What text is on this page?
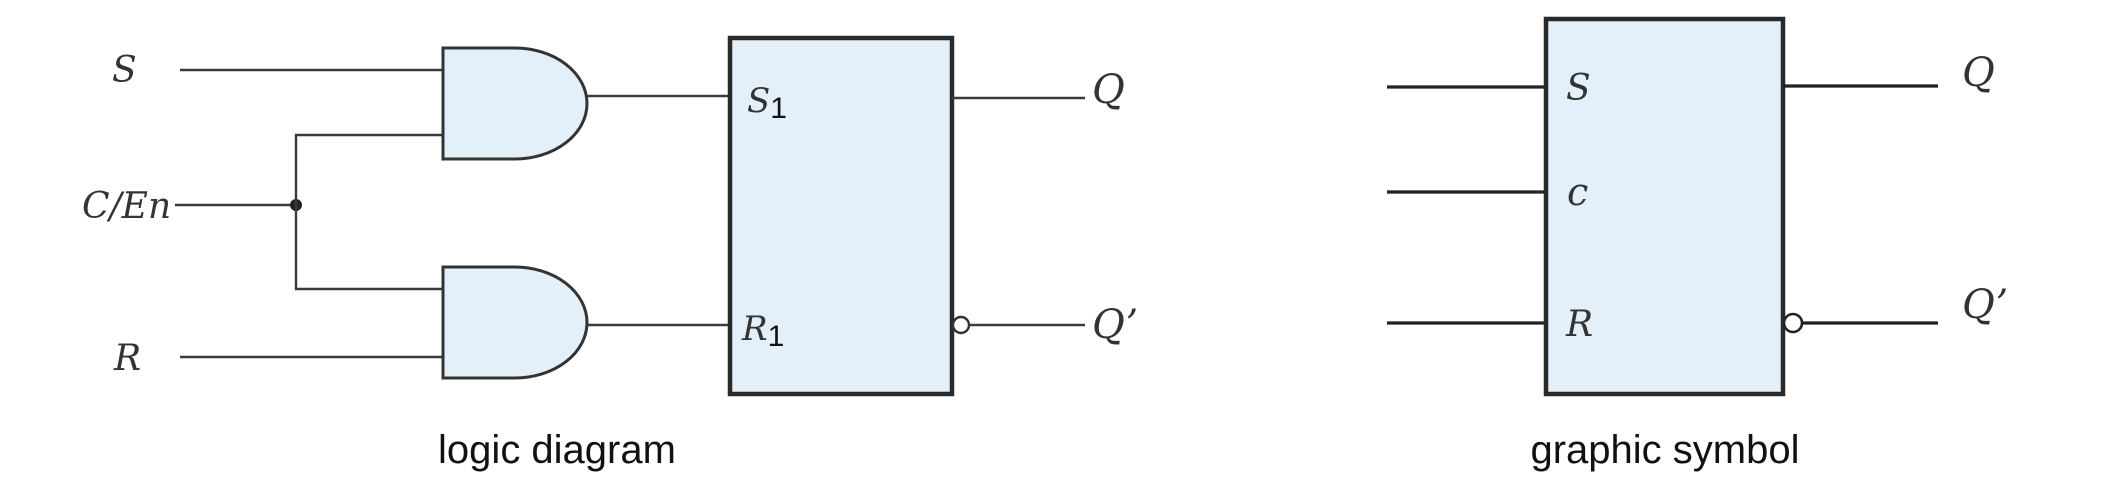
S
C/En
R
S1
R1
Q
Q’
logic diagram
S
c
R
Q
Q’
graphic symbol
